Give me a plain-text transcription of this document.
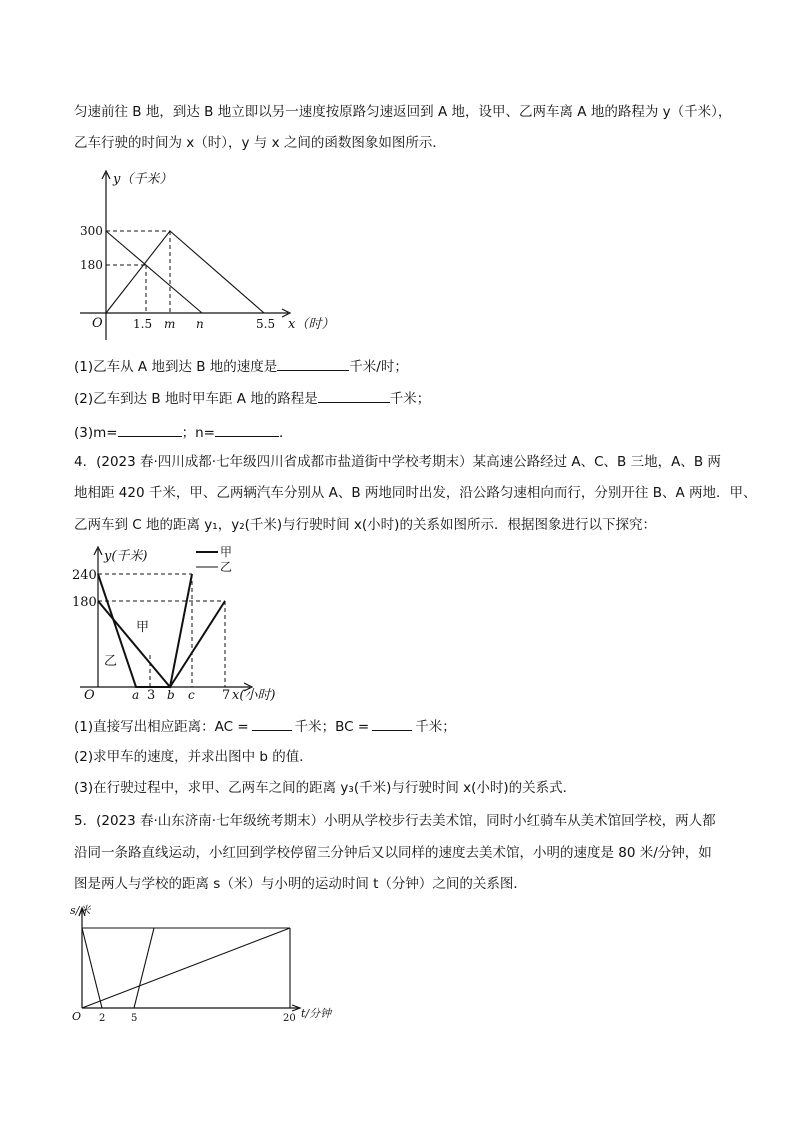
匀速前往 B 地，到达 B 地立即以另一速度按原路匀速返回到 A 地，设甲、乙两车离 A 地的路程为 y（千米），
乙车行驶的时间为 x（时），y 与 x 之间的函数图象如图所示．
y（千米）
x（时）
O
300
180
1.5 m n	5.5
(1)乙车从 A 地到达 B 地的速度是	千米/时；
(2)乙车到达 B 地时甲车距 A 地的路程是	千米；
(3)m=	；n=	．
4．(2023 春·四川成都·七年级四川省成都市盐道街中学校考期末）某高速公路经过 A、C、B 三地，A、B 两
地相距 420 千米，甲、乙两辆汽车分别从 A、B 两地同时出发，沿公路匀速相向而行，分别开往 B、A 两地．甲、
乙两车到 C 地的距离 y₁，y₂(千米)与行驶时间 x(小时)的关系如图所示．根据图象进行以下探究：
y(千米)
x(小时)
O
240
180
a 3 b c 7
甲
乙
甲
乙
(1)直接写出相应距离：AC =	千米；BC =	千米；
(2)求甲车的速度，并求出图中 b 的值．
(3)在行驶过程中，求甲、乙两车之间的距离 y₃(千米)与行驶时间 x(小时)的关系式．
5．(2023 春·山东济南·七年级统考期末）小明从学校步行去美术馆，同时小红骑车从美术馆回学校，两人都
沿同一条路直线运动，小红回到学校停留三分钟后又以同样的速度去美术馆，小明的速度是 80 米/分钟，如
图是两人与学校的距离 s（米）与小明的运动时间 t（分钟）之间的关系图．
s/米
t/分钟
O 2	5	20
